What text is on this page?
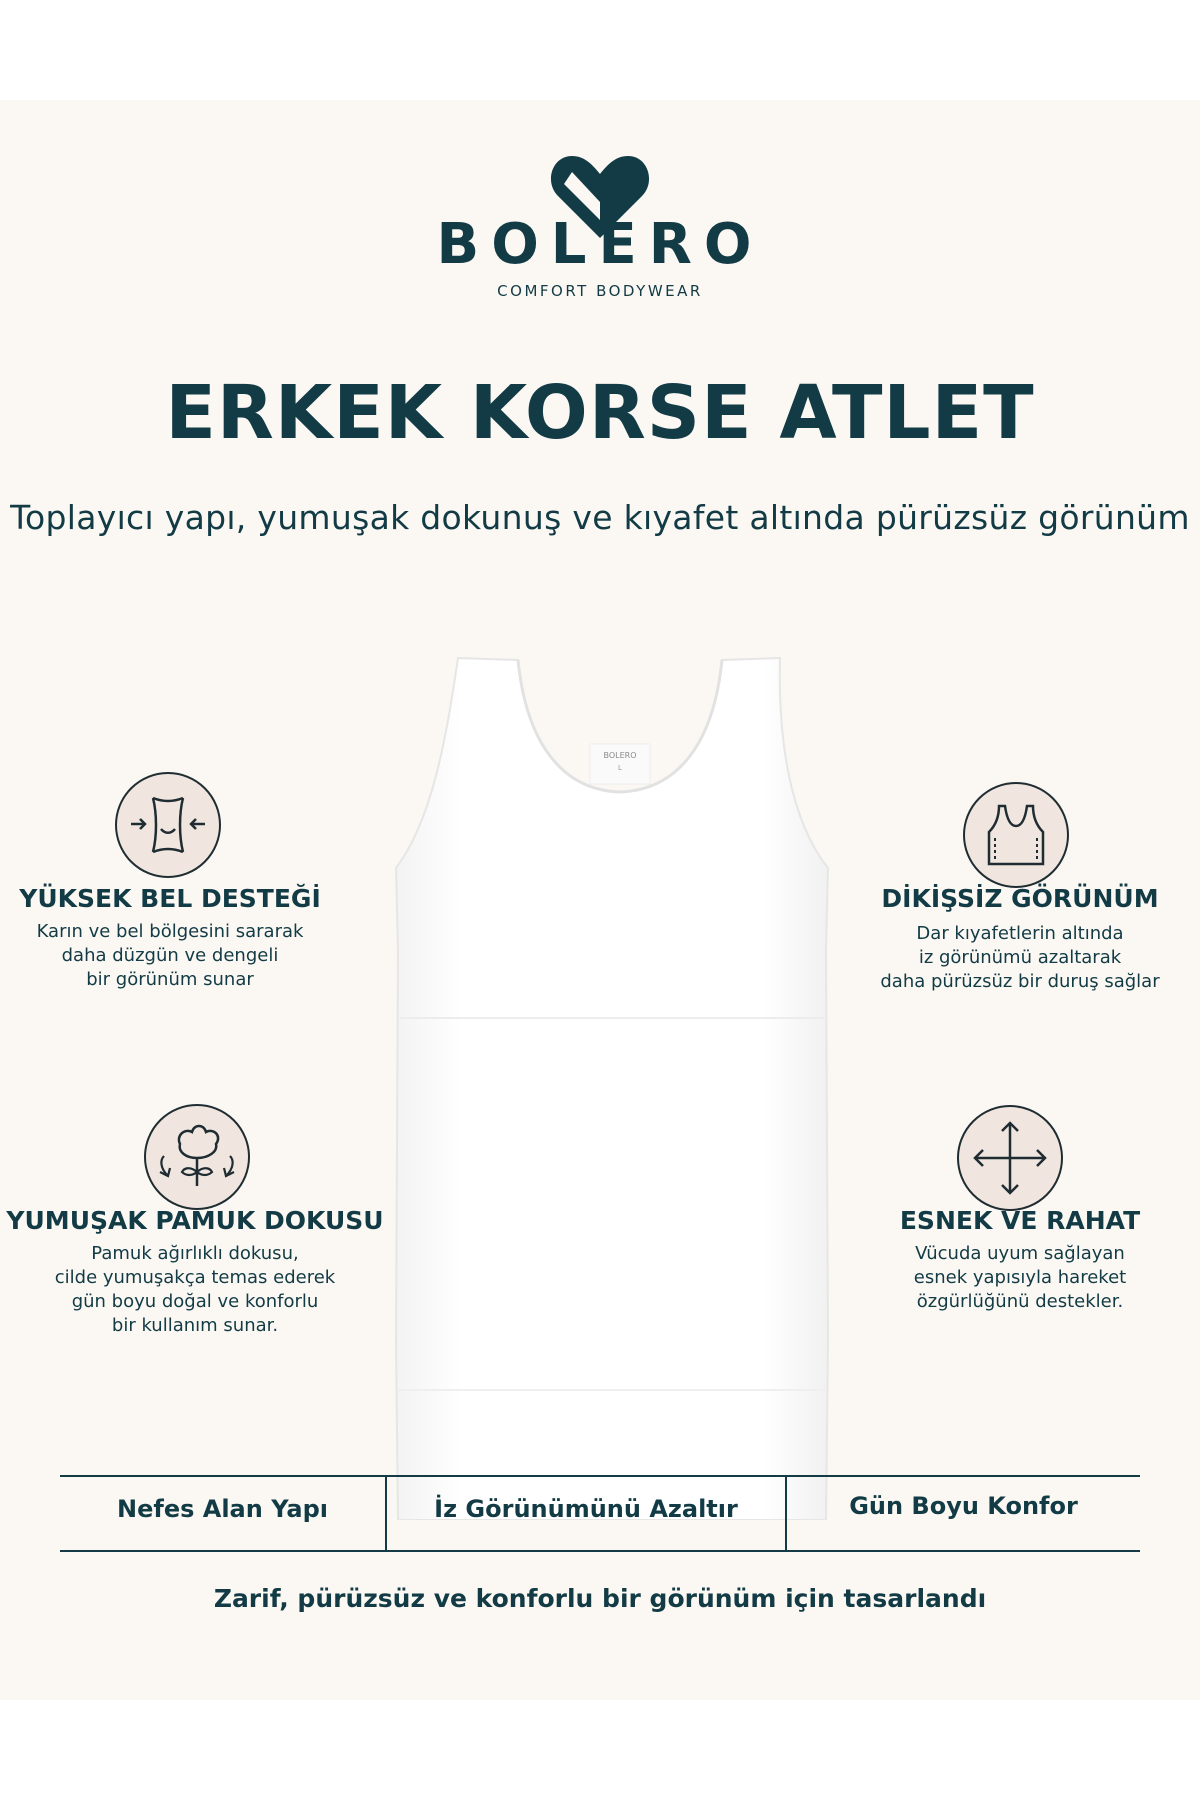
BOLERO
COMFORT BODYWEAR
ERKEK KORSE ATLET
Toplayıcı yapı, yumuşak dokunuş ve kıyafet altında pürüzsüz görünüm
BOLERO
L
YÜKSEK BEL DESTEĞİ
Karın ve bel bölgesini sararak
daha düzgün ve dengeli
bir görünüm sunar
DİKİŞSİZ GÖRÜNÜM
Dar kıyafetlerin altında
iz görünümü azaltarak
daha pürüzsüz bir duruş sağlar
YUMUŞAK PAMUK DOKUSU
Pamuk ağırlıklı dokusu,
cilde yumuşakça temas ederek
gün boyu doğal ve konforlu
bir kullanım sunar.
ESNEK VE RAHAT
Vücuda uyum sağlayan
esnek yapısıyla hareket
özgürlüğünü destekler.
Nefes Alan Yapı	İz Görünümünü Azaltır	Gün Boyu Konfor
Zarif, pürüzsüz ve konforlu bir görünüm için tasarlandı
